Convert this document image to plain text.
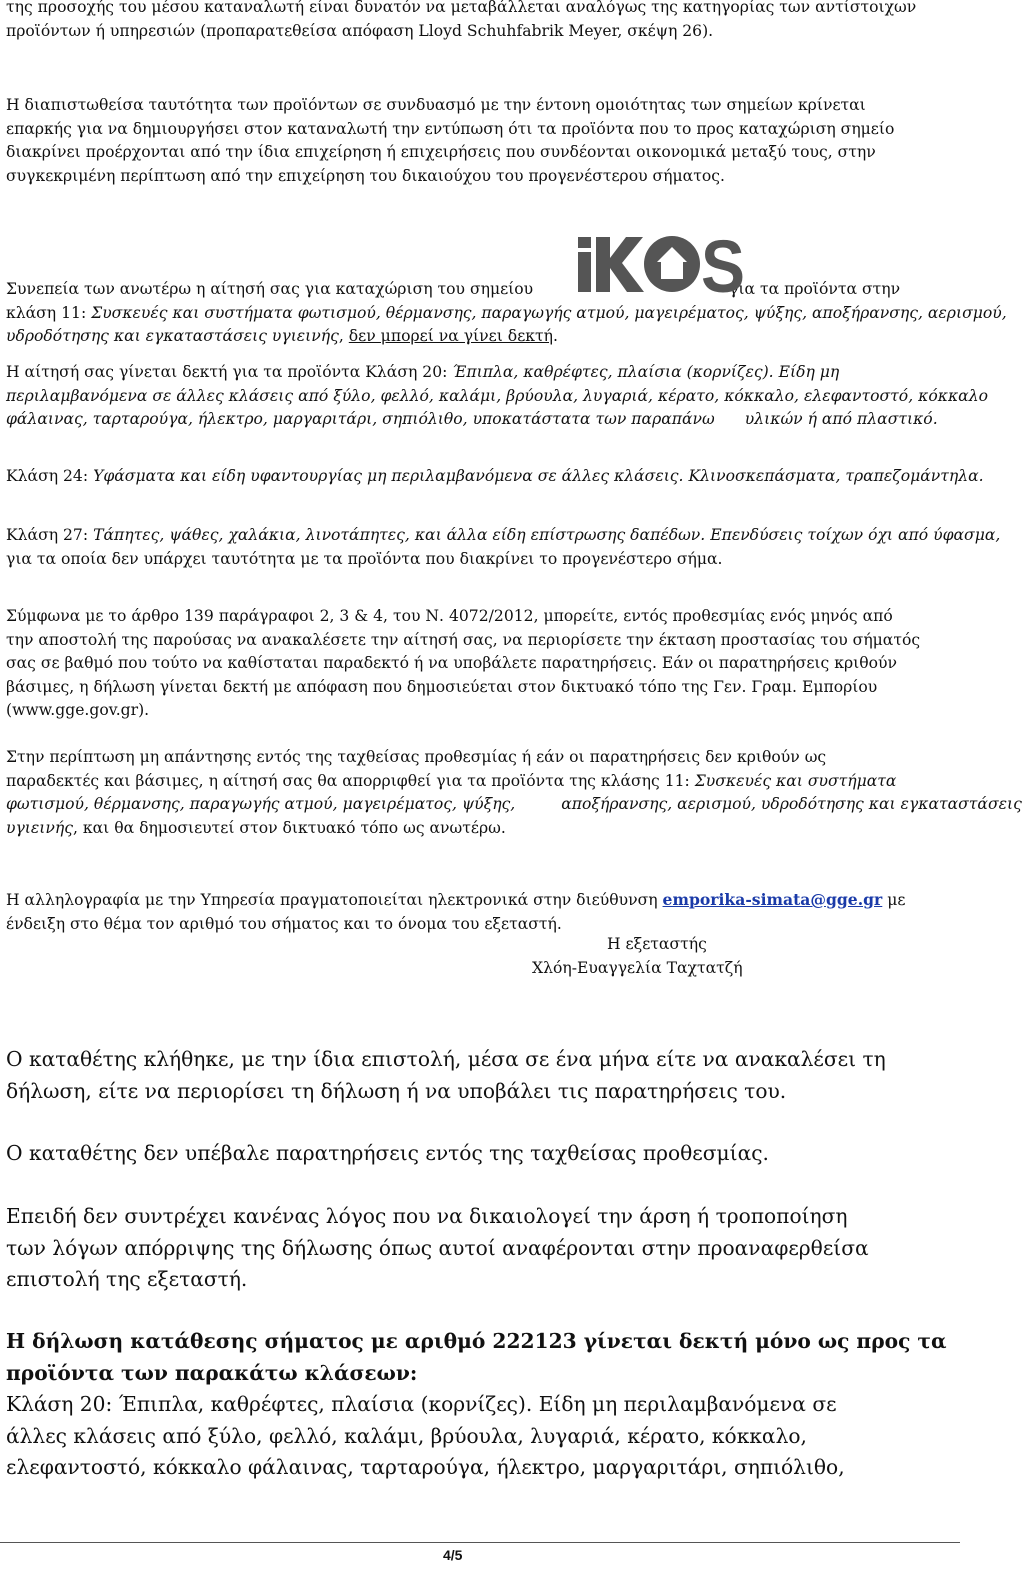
της προσοχής του μέσου καταναλωτή είναι δυνατόν να μεταβάλλεται αναλόγως της κατηγορίας των αντίστοιχων
προϊόντων ή υπηρεσιών (προπαρατεθείσα απόφαση Lloyd Schuhfabrik Meyer, σκέψη 26).
Η διαπιστωθείσα ταυτότητα των προϊόντων σε συνδυασμό με την έντονη ομοιότητας των σημείων κρίνεται
επαρκής για να δημιουργήσει στον καταναλωτή την εντύπωση ότι τα προϊόντα που το προς καταχώριση σημείο
διακρίνει προέρχονται από την ίδια επιχείρηση ή επιχειρήσεις που συνδέονται οικονομικά μεταξύ τους, στην
συγκεκριμένη περίπτωση από την επιχείρηση του δικαιούχου του προγενέστερου σήματος.
Συνεπεία των ανωτέρω η αίτησή σας για καταχώριση του σημείου	για τα προϊόντα στην
κλάση 11: Συσκευές και συστήματα φωτισμού, θέρμανσης, παραγωγής ατμού, μαγειρέματος, ψύξης, αποξήρανσης, αερισμού,
υδροδότησης και εγκαταστάσεις υγιεινής, δεν μπορεί να γίνει δεκτή.
S
Η αίτησή σας γίνεται δεκτή για τα προϊόντα Κλάση 20: Έπιπλα, καθρέφτες, πλαίσια (κορνίζες). Είδη μη
περιλαμβανόμενα σε άλλες κλάσεις από ξύλο, φελλό, καλάμι, βρύουλα, λυγαριά, κέρατο, κόκκαλο, ελεφαντοστό, κόκκαλο
φάλαινας, ταρταρούγα, ήλεκτρο, μαργαριτάρι, σηπιόλιθο, υποκατάστατα των παραπάνω υλικών ή από πλαστικό.
Κλάση 24: Υφάσματα και είδη υφαντουργίας μη περιλαμβανόμενα σε άλλες κλάσεις. Κλινοσκεπάσματα, τραπεζομάντηλα.
Κλάση 27: Τάπητες, ψάθες, χαλάκια, λινοτάπητες, και άλλα είδη επίστρωσης δαπέδων. Επενδύσεις τοίχων όχι από ύφασμα,
για τα οποία δεν υπάρχει ταυτότητα με τα προϊόντα που διακρίνει το προγενέστερο σήμα.
Σύμφωνα με το άρθρο 139 παράγραφοι 2, 3 & 4, του Ν. 4072/2012, μπορείτε, εντός προθεσμίας ενός μηνός από
την αποστολή της παρούσας να ανακαλέσετε την αίτησή σας, να περιορίσετε την έκταση προστασίας του σήματός
σας σε βαθμό που τούτο να καθίσταται παραδεκτό ή να υποβάλετε παρατηρήσεις. Εάν οι παρατηρήσεις κριθούν
βάσιμες, η δήλωση γίνεται δεκτή με απόφαση που δημοσιεύεται στον δικτυακό τόπο της Γεν. Γραμ. Εμπορίου
(www.gge.gov.gr).
Στην περίπτωση μη απάντησης εντός της ταχθείσας προθεσμίας ή εάν οι παρατηρήσεις δεν κριθούν ως
παραδεκτές και βάσιμες, η αίτησή σας θα απορριφθεί για τα προϊόντα της κλάσης 11: Συσκευές και συστήματα
φωτισμού, θέρμανσης, παραγωγής ατμού, μαγειρέματος, ψύξης,	αποξήρανσης, αερισμού, υδροδότησης και εγκαταστάσεις
υγιεινής, και θα δημοσιευτεί στον δικτυακό τόπο ως ανωτέρω.
Η αλληλογραφία με την Υπηρεσία πραγματοποιείται ηλεκτρονικά στην διεύθυνση emporika-simata@gge.gr με
ένδειξη στο θέμα τον αριθμό του σήματος και το όνομα του εξεταστή.
Η εξεταστής
Χλόη-Ευαγγελία Ταχτατζή
Ο καταθέτης κλήθηκε, με την ίδια επιστολή, μέσα σε ένα μήνα είτε να ανακαλέσει τη
δήλωση, είτε να περιορίσει τη δήλωση ή να υποβάλει τις παρατηρήσεις του.
Ο καταθέτης δεν υπέβαλε παρατηρήσεις εντός της ταχθείσας προθεσμίας.
Επειδή δεν συντρέχει κανένας λόγος που να δικαιολογεί την άρση ή τροποποίηση
των λόγων απόρριψης της δήλωσης όπως αυτοί αναφέρονται στην προαναφερθείσα
επιστολή της εξεταστή.
Η δήλωση κατάθεσης σήματος με αριθμό 222123 γίνεται δεκτή μόνο ως προς τα
προϊόντα των παρακάτω κλάσεων:
Κλάση 20: Έπιπλα, καθρέφτες, πλαίσια (κορνίζες). Είδη μη περιλαμβανόμενα σε
άλλες κλάσεις από ξύλο, φελλό, καλάμι, βρύουλα, λυγαριά, κέρατο, κόκκαλο,
ελεφαντοστό, κόκκαλο φάλαινας, ταρταρούγα, ήλεκτρο, μαργαριτάρι, σηπιόλιθο,
4/5
